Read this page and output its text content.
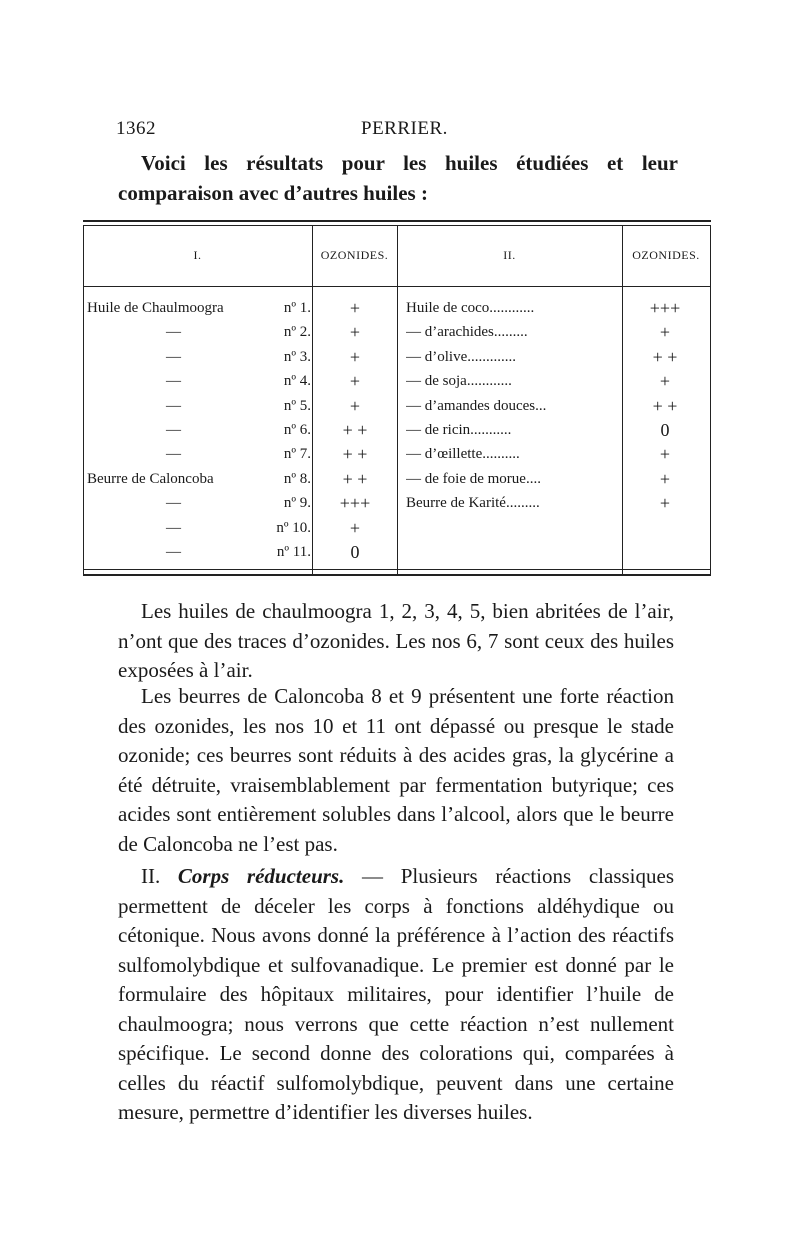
1362	PERRIER.

Voici les résultats pour les huiles étudiées et leur comparaison avec d’autres huiles :

I.	OZONIDES.	II.	OZONIDES.
Huile de Chaulmoogra	nº 1.	+	Huile de coco............	+++
—	nº 2.	+	— d’arachides.........	+
—	nº 3.	+	— d’olive.............	+ +
—	nº 4.	+	— de soja............	+
—	nº 5.	+	— d’amandes douces...	+ +
—	nº 6.	+ +	— de ricin...........	0
—	nº 7.	+ +	— d’œillette..........	+
Beurre de Caloncoba	nº 8.	+ +	— de foie de morue....	+
—	nº 9.	+++	Beurre de Karité.........	+
—	nº 10.	+
—	nº 11.	0

Les huiles de chaulmoogra 1, 2, 3, 4, 5, bien abritées de l’air, n’ont que des traces d’ozonides. Les nos 6, 7 sont ceux des huiles exposées à l’air.

Les beurres de Caloncoba 8 et 9 présentent une forte réaction des ozonides, les nos 10 et 11 ont dépassé ou presque le stade ozonide; ces beurres sont réduits à des acides gras, la glycérine a été détruite, vraisemblablement par fermentation butyrique; ces acides sont entièrement solubles dans l’alcool, alors que le beurre de Caloncoba ne l’est pas.

II. Corps réducteurs. — Plusieurs réactions classiques permettent de déceler les corps à fonctions aldéhydique ou cétonique. Nous avons donné la préférence à l’action des réactifs sulfomolybdique et sulfovanadique. Le premier est donné par le formulaire des hôpitaux militaires, pour identifier l’huile de chaulmoogra; nous verrons que cette réaction n’est nullement spécifique. Le second donne des colorations qui, comparées à celles du réactif sulfomolybdique, peuvent dans une certaine mesure, permettre d’identifier les diverses huiles.
